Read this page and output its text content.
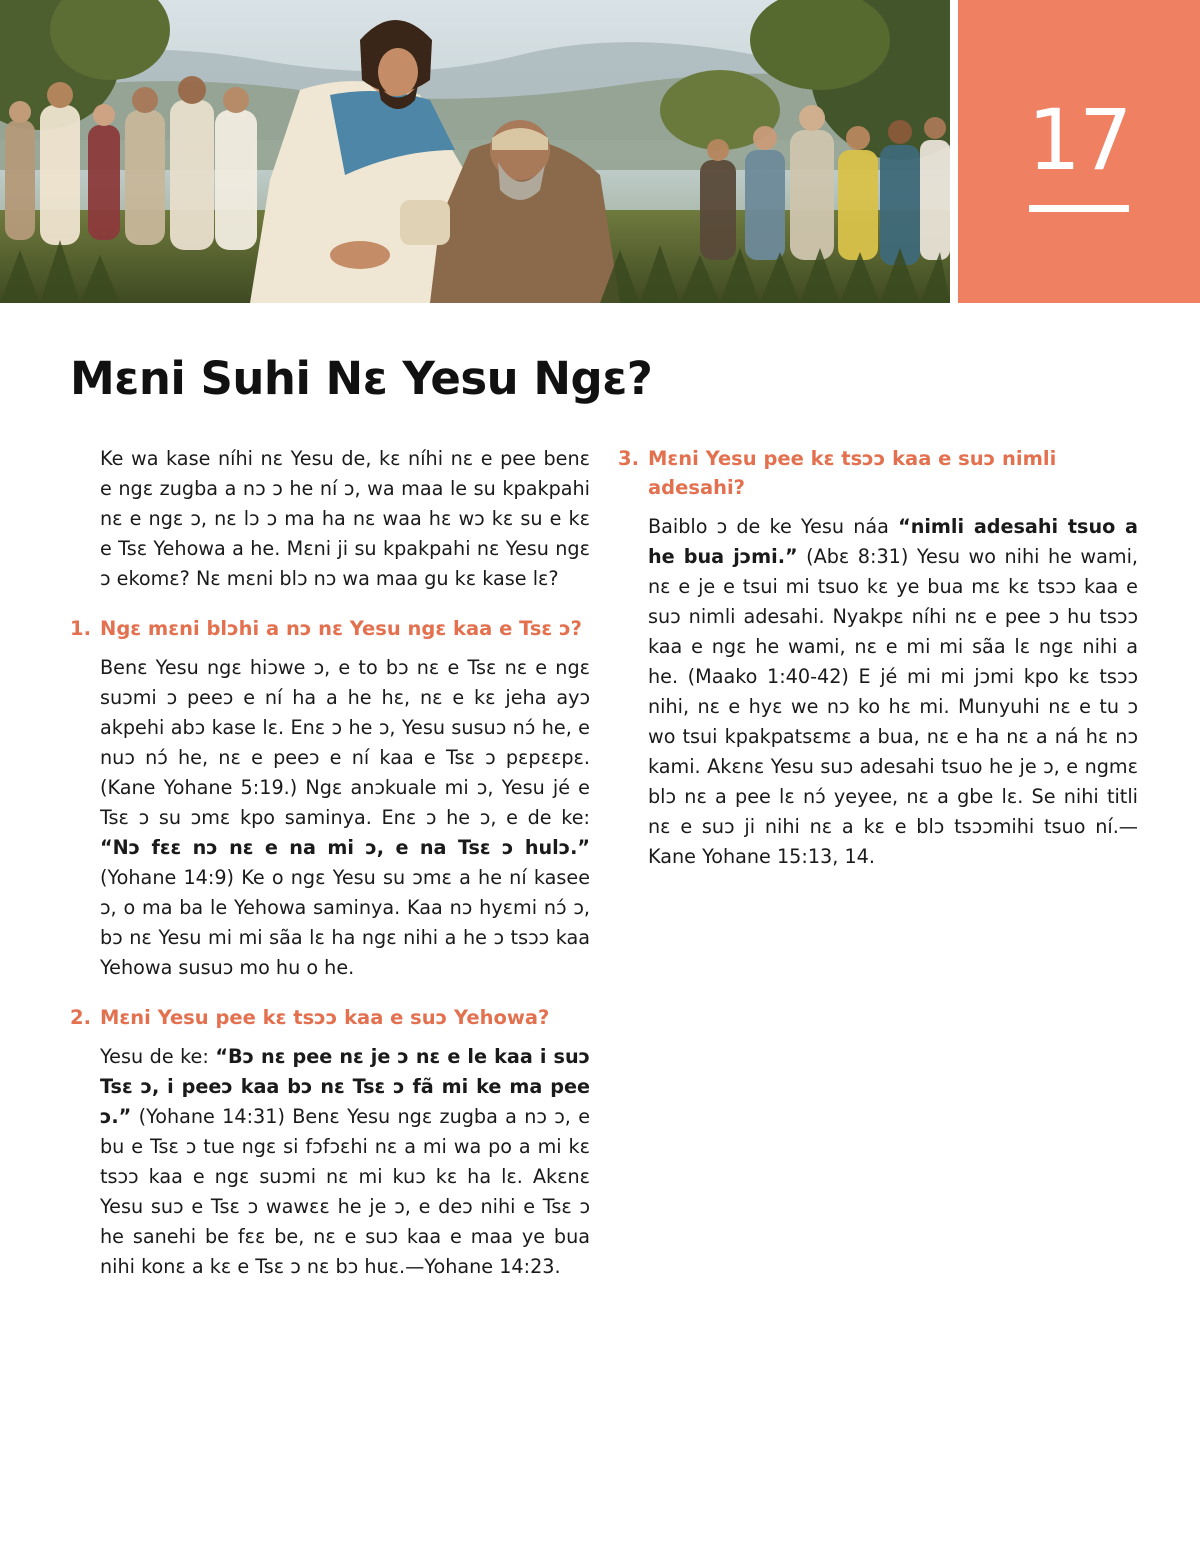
17
Mɛni Suhi Nɛ Yesu Ngɛ?

Ke wa kase níhi nɛ Yesu de, kɛ níhi nɛ e pee benɛ e ngɛ zugba a nɔ ɔ he ní ɔ, wa maa le su kpakpahi nɛ e ngɛ ɔ, nɛ lɔ ɔ ma ha nɛ waa hɛ wɔ kɛ su e kɛ e Tsɛ Yehowa a he. Mɛni ji su kpakpahi nɛ Yesu ngɛ ɔ ekomɛ? Nɛ mɛni blɔ nɔ wa maa gu kɛ kase lɛ?

1. Ngɛ mɛni blɔhi a nɔ nɛ Yesu ngɛ kaa e Tsɛ ɔ?

Benɛ Yesu ngɛ hiɔwe ɔ, e to bɔ nɛ e Tsɛ nɛ e ngɛ suɔmi ɔ peeɔ e ní ha a he hɛ, nɛ e kɛ jeha ayɔ akpehi abɔ kase lɛ. Enɛ ɔ he ɔ, Yesu susuɔ nɔ́ he, e nuɔ nɔ́ he, nɛ e peeɔ e ní kaa e Tsɛ ɔ pɛpɛɛpɛ. (Kane Yohane 5:19.) Ngɛ anɔkuale mi ɔ, Yesu jé e Tsɛ ɔ su ɔmɛ kpo saminya. Enɛ ɔ he ɔ, e de ke: “Nɔ fɛɛ nɔ nɛ e na mi ɔ, e na Tsɛ ɔ hulɔ.” (Yohane 14:9) Ke o ngɛ Yesu su ɔmɛ a he ní kasee ɔ, o ma ba le Yehowa saminya. Kaa nɔ hyɛmi nɔ́ ɔ, bɔ nɛ Yesu mi mi sãa lɛ ha ngɛ nihi a he ɔ tsɔɔ kaa Yehowa susuɔ mo hu o he.

2. Mɛni Yesu pee kɛ tsɔɔ kaa e suɔ Yehowa?

Yesu de ke: “Bɔ nɛ pee nɛ je ɔ nɛ e le kaa i suɔ Tsɛ ɔ, i peeɔ kaa bɔ nɛ Tsɛ ɔ fã mi ke ma pee ɔ.” (Yohane 14:31) Benɛ Yesu ngɛ zugba a nɔ ɔ, e bu e Tsɛ ɔ tue ngɛ si fɔfɔɛhi nɛ a mi wa po a mi kɛ tsɔɔ kaa e ngɛ suɔmi nɛ mi kuɔ kɛ ha lɛ. Akɛnɛ Yesu suɔ e Tsɛ ɔ wawɛɛ he je ɔ, e deɔ nihi e Tsɛ ɔ he sanehi be fɛɛ be, nɛ e suɔ kaa e maa ye bua nihi konɛ a kɛ e Tsɛ ɔ nɛ bɔ huɛ.—Yohane 14:23.

3. Mɛni Yesu pee kɛ tsɔɔ kaa e suɔ nimli adesahi?

Baiblo ɔ de ke Yesu náa “nimli adesahi tsuo a he bua jɔmi.” (Abɛ 8:31) Yesu wo nihi he wami, nɛ e je e tsui mi tsuo kɛ ye bua mɛ kɛ tsɔɔ kaa e suɔ nimli adesahi. Nyakpɛ níhi nɛ e pee ɔ hu tsɔɔ kaa e ngɛ he wami, nɛ e mi mi sãa lɛ ngɛ nihi a he. (Maako 1:40-42) E jé mi mi jɔmi kpo kɛ tsɔɔ nihi, nɛ e hyɛ we nɔ ko hɛ mi. Munyuhi nɛ e tu ɔ wo tsui kpakpatsɛmɛ a bua, nɛ e ha nɛ a ná hɛ nɔ kami. Akɛnɛ Yesu suɔ adesahi tsuo he je ɔ, e ngmɛ blɔ nɛ a pee lɛ nɔ́ yeyee, nɛ a gbe lɛ. Se nihi titli nɛ e suɔ ji nihi nɛ a kɛ e blɔ tsɔɔmihi tsuo ní.—Kane Yohane 15:13, 14.
